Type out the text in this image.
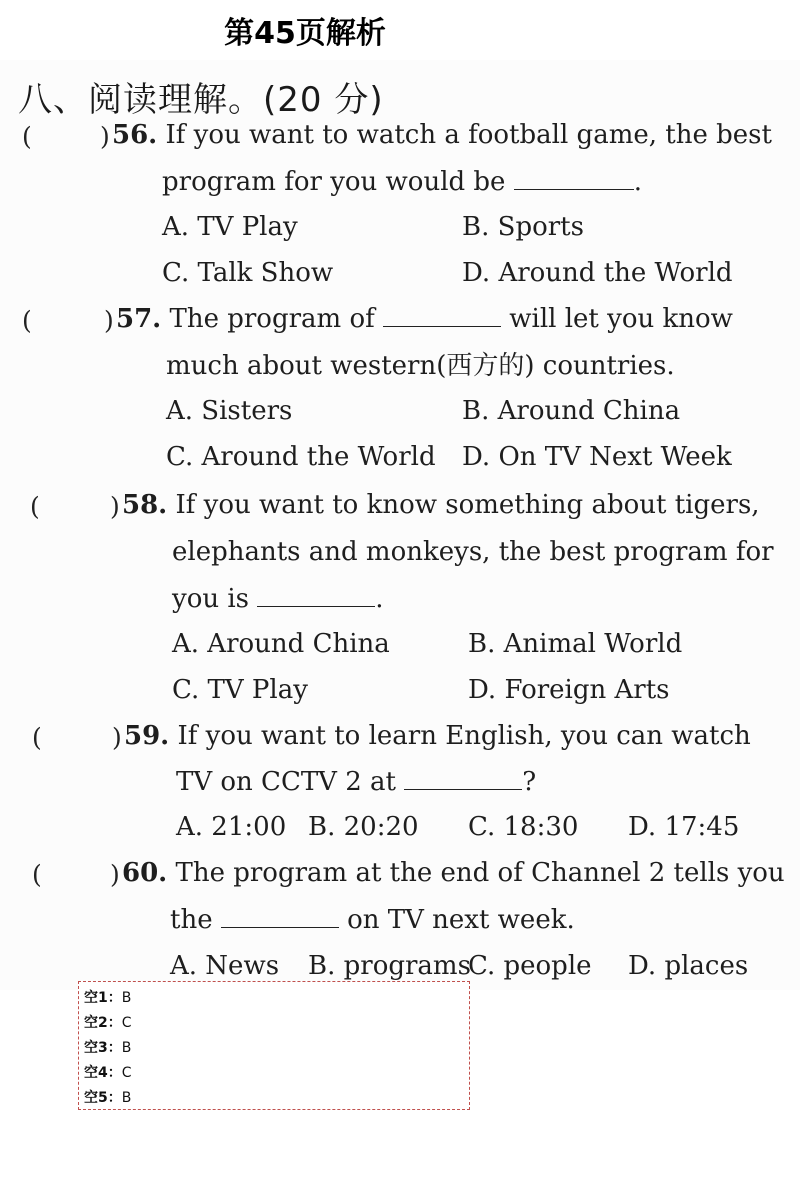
第45页解析
八、阅读理解。(20 分)
(	) 56. If you want to watch a football game, the best
program for you would be	.
A. TV Play	B. Sports
C. Talk Show	D. Around the World
(	) 57. The program of	will let you know
much about western(西方的) countries.
A. Sisters	B. Around China
C. Around the World D. On TV Next Week
(	) 58. If you want to know something about tigers,
elephants and monkeys, the best program for
you is	.
A. Around China	B. Animal World
C. TV Play	D. Foreign Arts
(	) 59. If you want to learn English, you can watch
TV on CCTV 2 at	?
A. 21:00 B. 20:20 C. 18:30 D. 17:45
(	) 60. The program at the end of Channel 2 tells you
the	on TV next week.
A. News B. programs
C. people D. places
空1：B
空2：C
空3：B
空4：C
空5：B
